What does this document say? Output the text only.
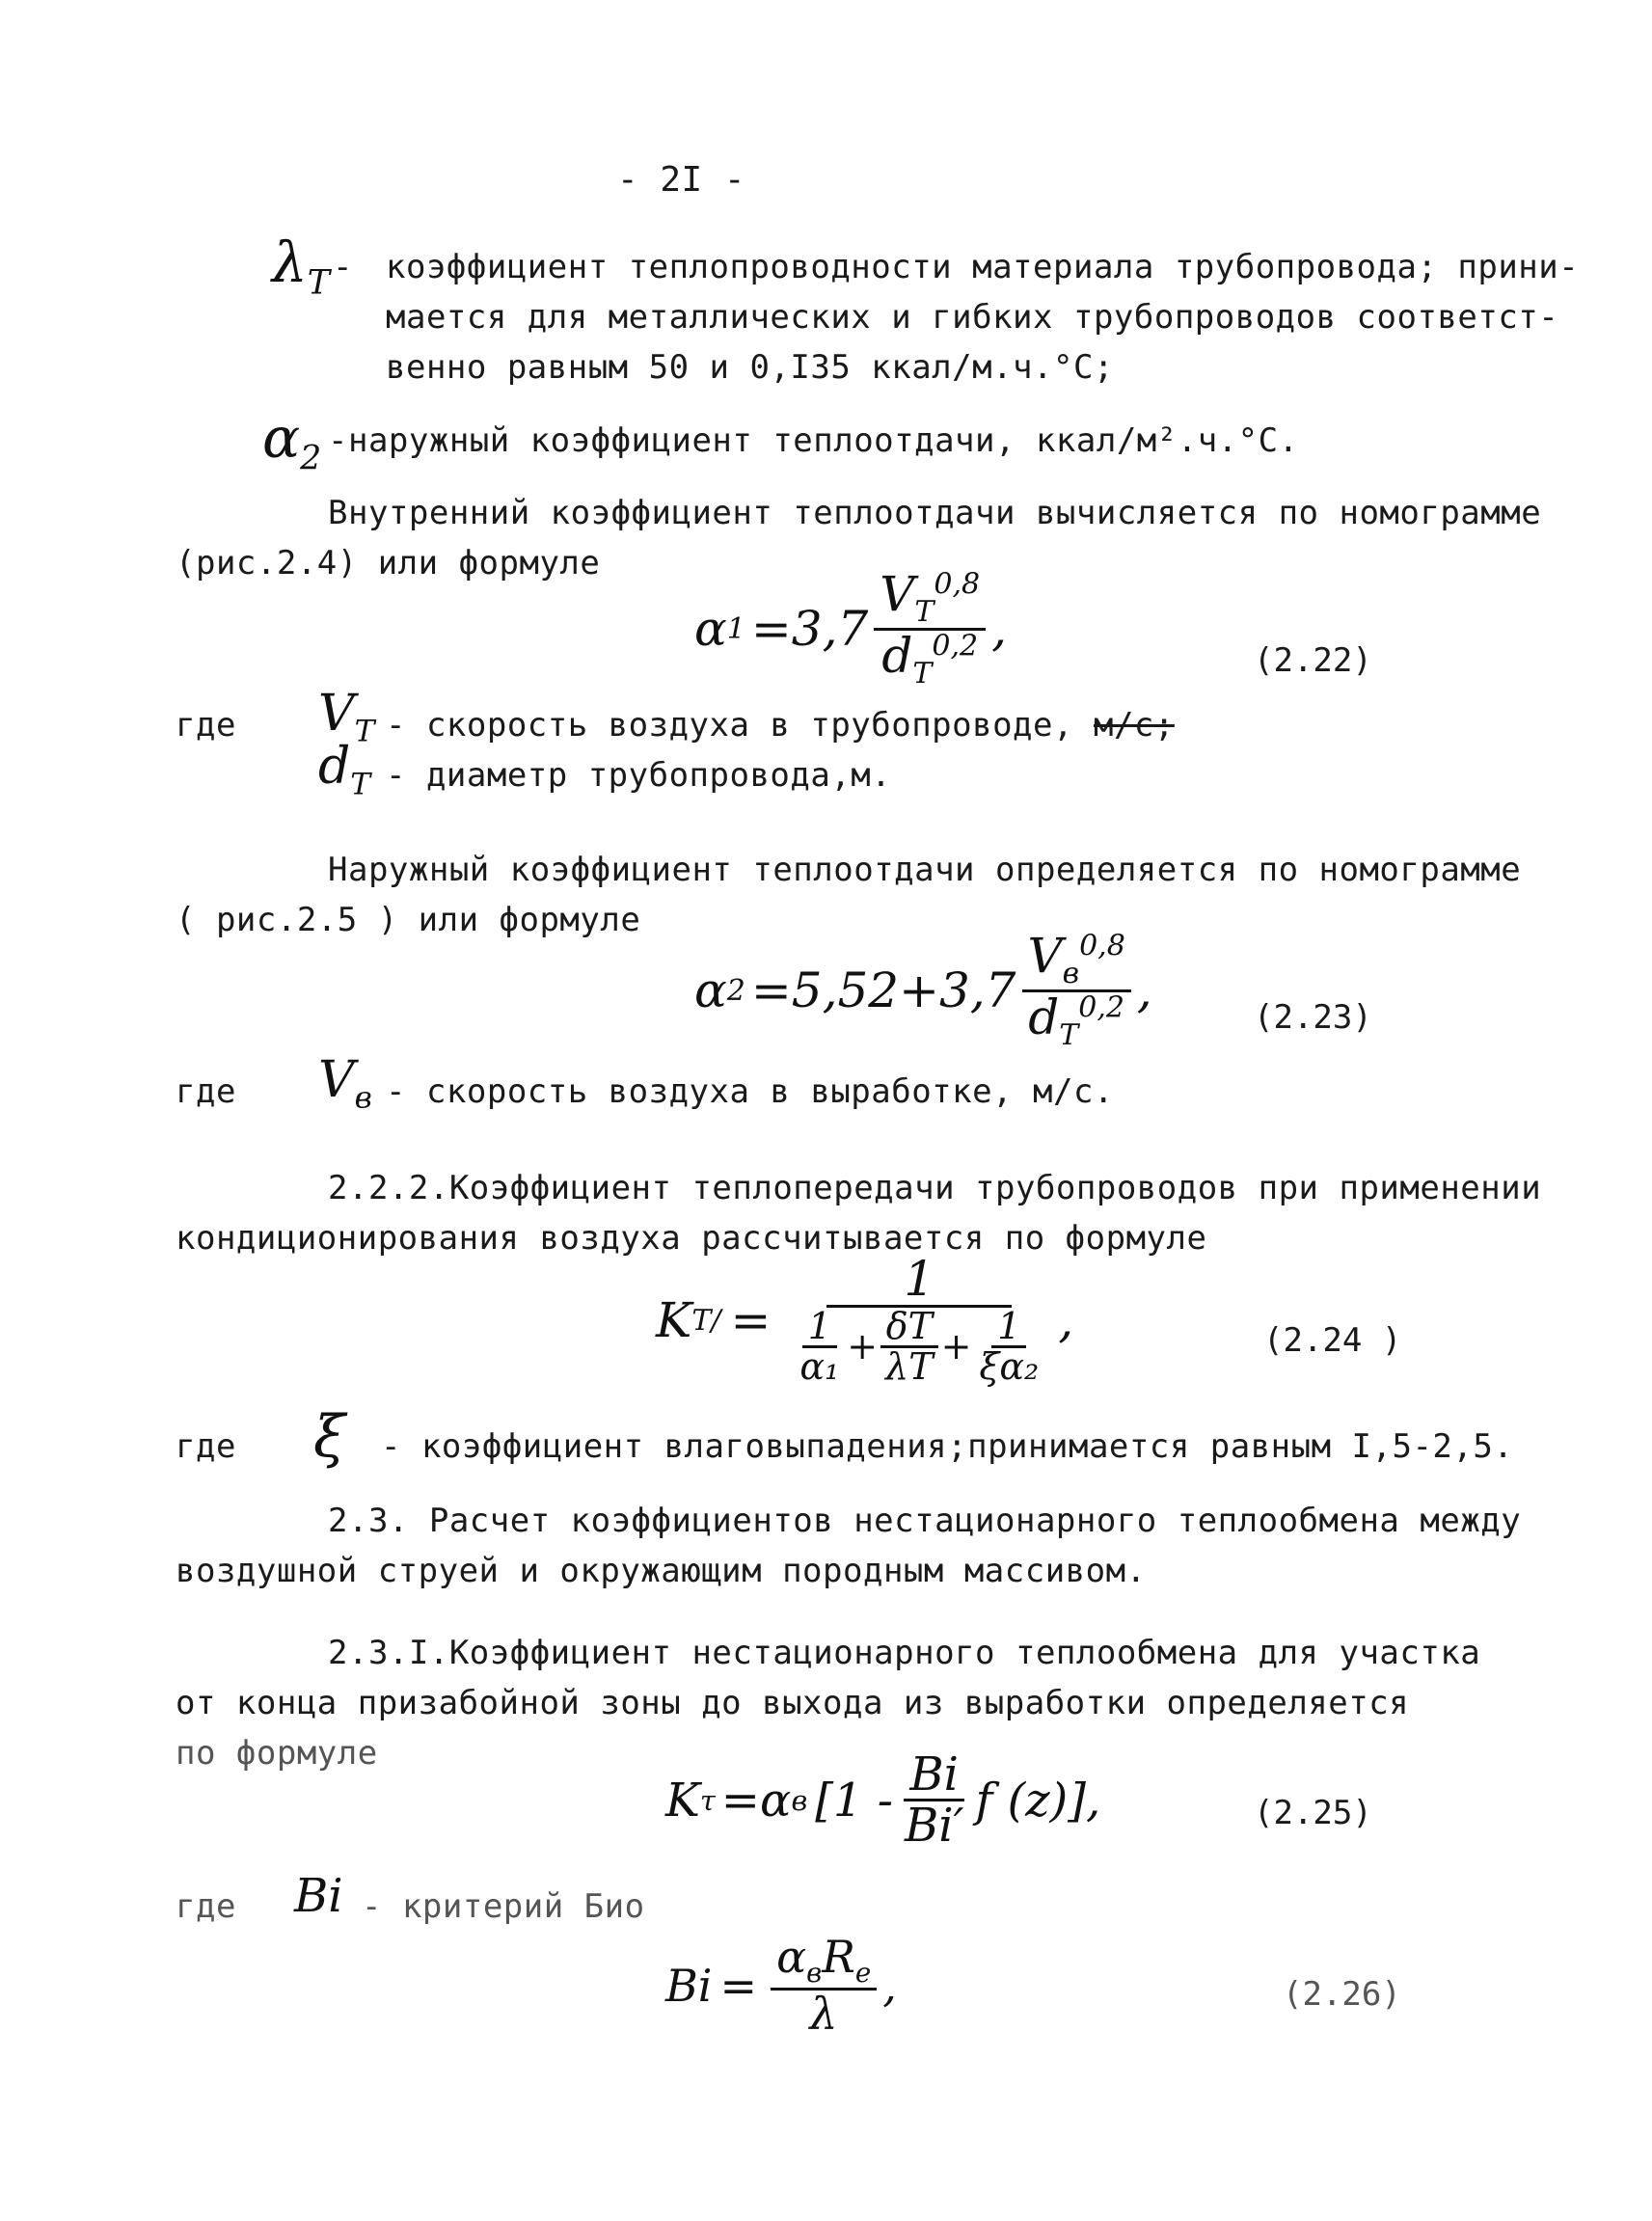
- 2I -
$\lambda_Т$ - коэффициент теплопроводности материала трубопровода; прини-
мается для металлических и гибких трубопроводов соответст-
венно равным 50 и 0,I35 ккал/м.ч.°С;
$\alpha_2$ -наружный коэффициент теплоотдачи, ккал/м².ч.°С.
Внутренний коэффициент теплоотдачи вычисляется по номограмме
(рис.2.4) или формуле
α $1 =3,7 \frac{V_Т^{0,8}}{d_Т^{0,2}}$ ,
(2.22)
где $V_Т$ - скорость воздуха в трубопроводе, м/с;
$d_Т$ - диаметр трубопровода,м.
Наружный коэффициент теплоотдачи определяется по номограмме
( рис.2.5 ) или формуле
α $2 =5,52+3,7 \frac{V_в^{0,8}}{d_Т^{0,2}}$ ,	(2.23)
где $V_в$ - скорость воздуха в выработке, м/с.
2.2.2.Коэффициент теплопередачи трубопроводов при применении
кондиционирования воздуха рассчитывается по формуле
K Т / = $\frac{1}{\frac{1}{\text{α₁}} + \frac{\delta Т}{\lambda Т} + \frac{1}{\text{ξα₂}}}$ ,	(2.24 )
где ξ - коэффициент влаговыпадения;принимается равным I,5-2,5.
2.3. Расчет коэффициентов нестационарного теплообмена между
воздушной струей и окружающим породным массивом.
2.3.I.Коэффициент нестационарного теплообмена для участка
от конца призабойной зоны до выхода из выработки определяется
по формуле
K τ =α в [$1 - \frac{Bi}{Bi'}$ f (z) ] ,	(2.25)
где Bi - критерий Био
$Bi = \frac{\alpha_вR_е}{\lambda}$ ,	(2.26)
